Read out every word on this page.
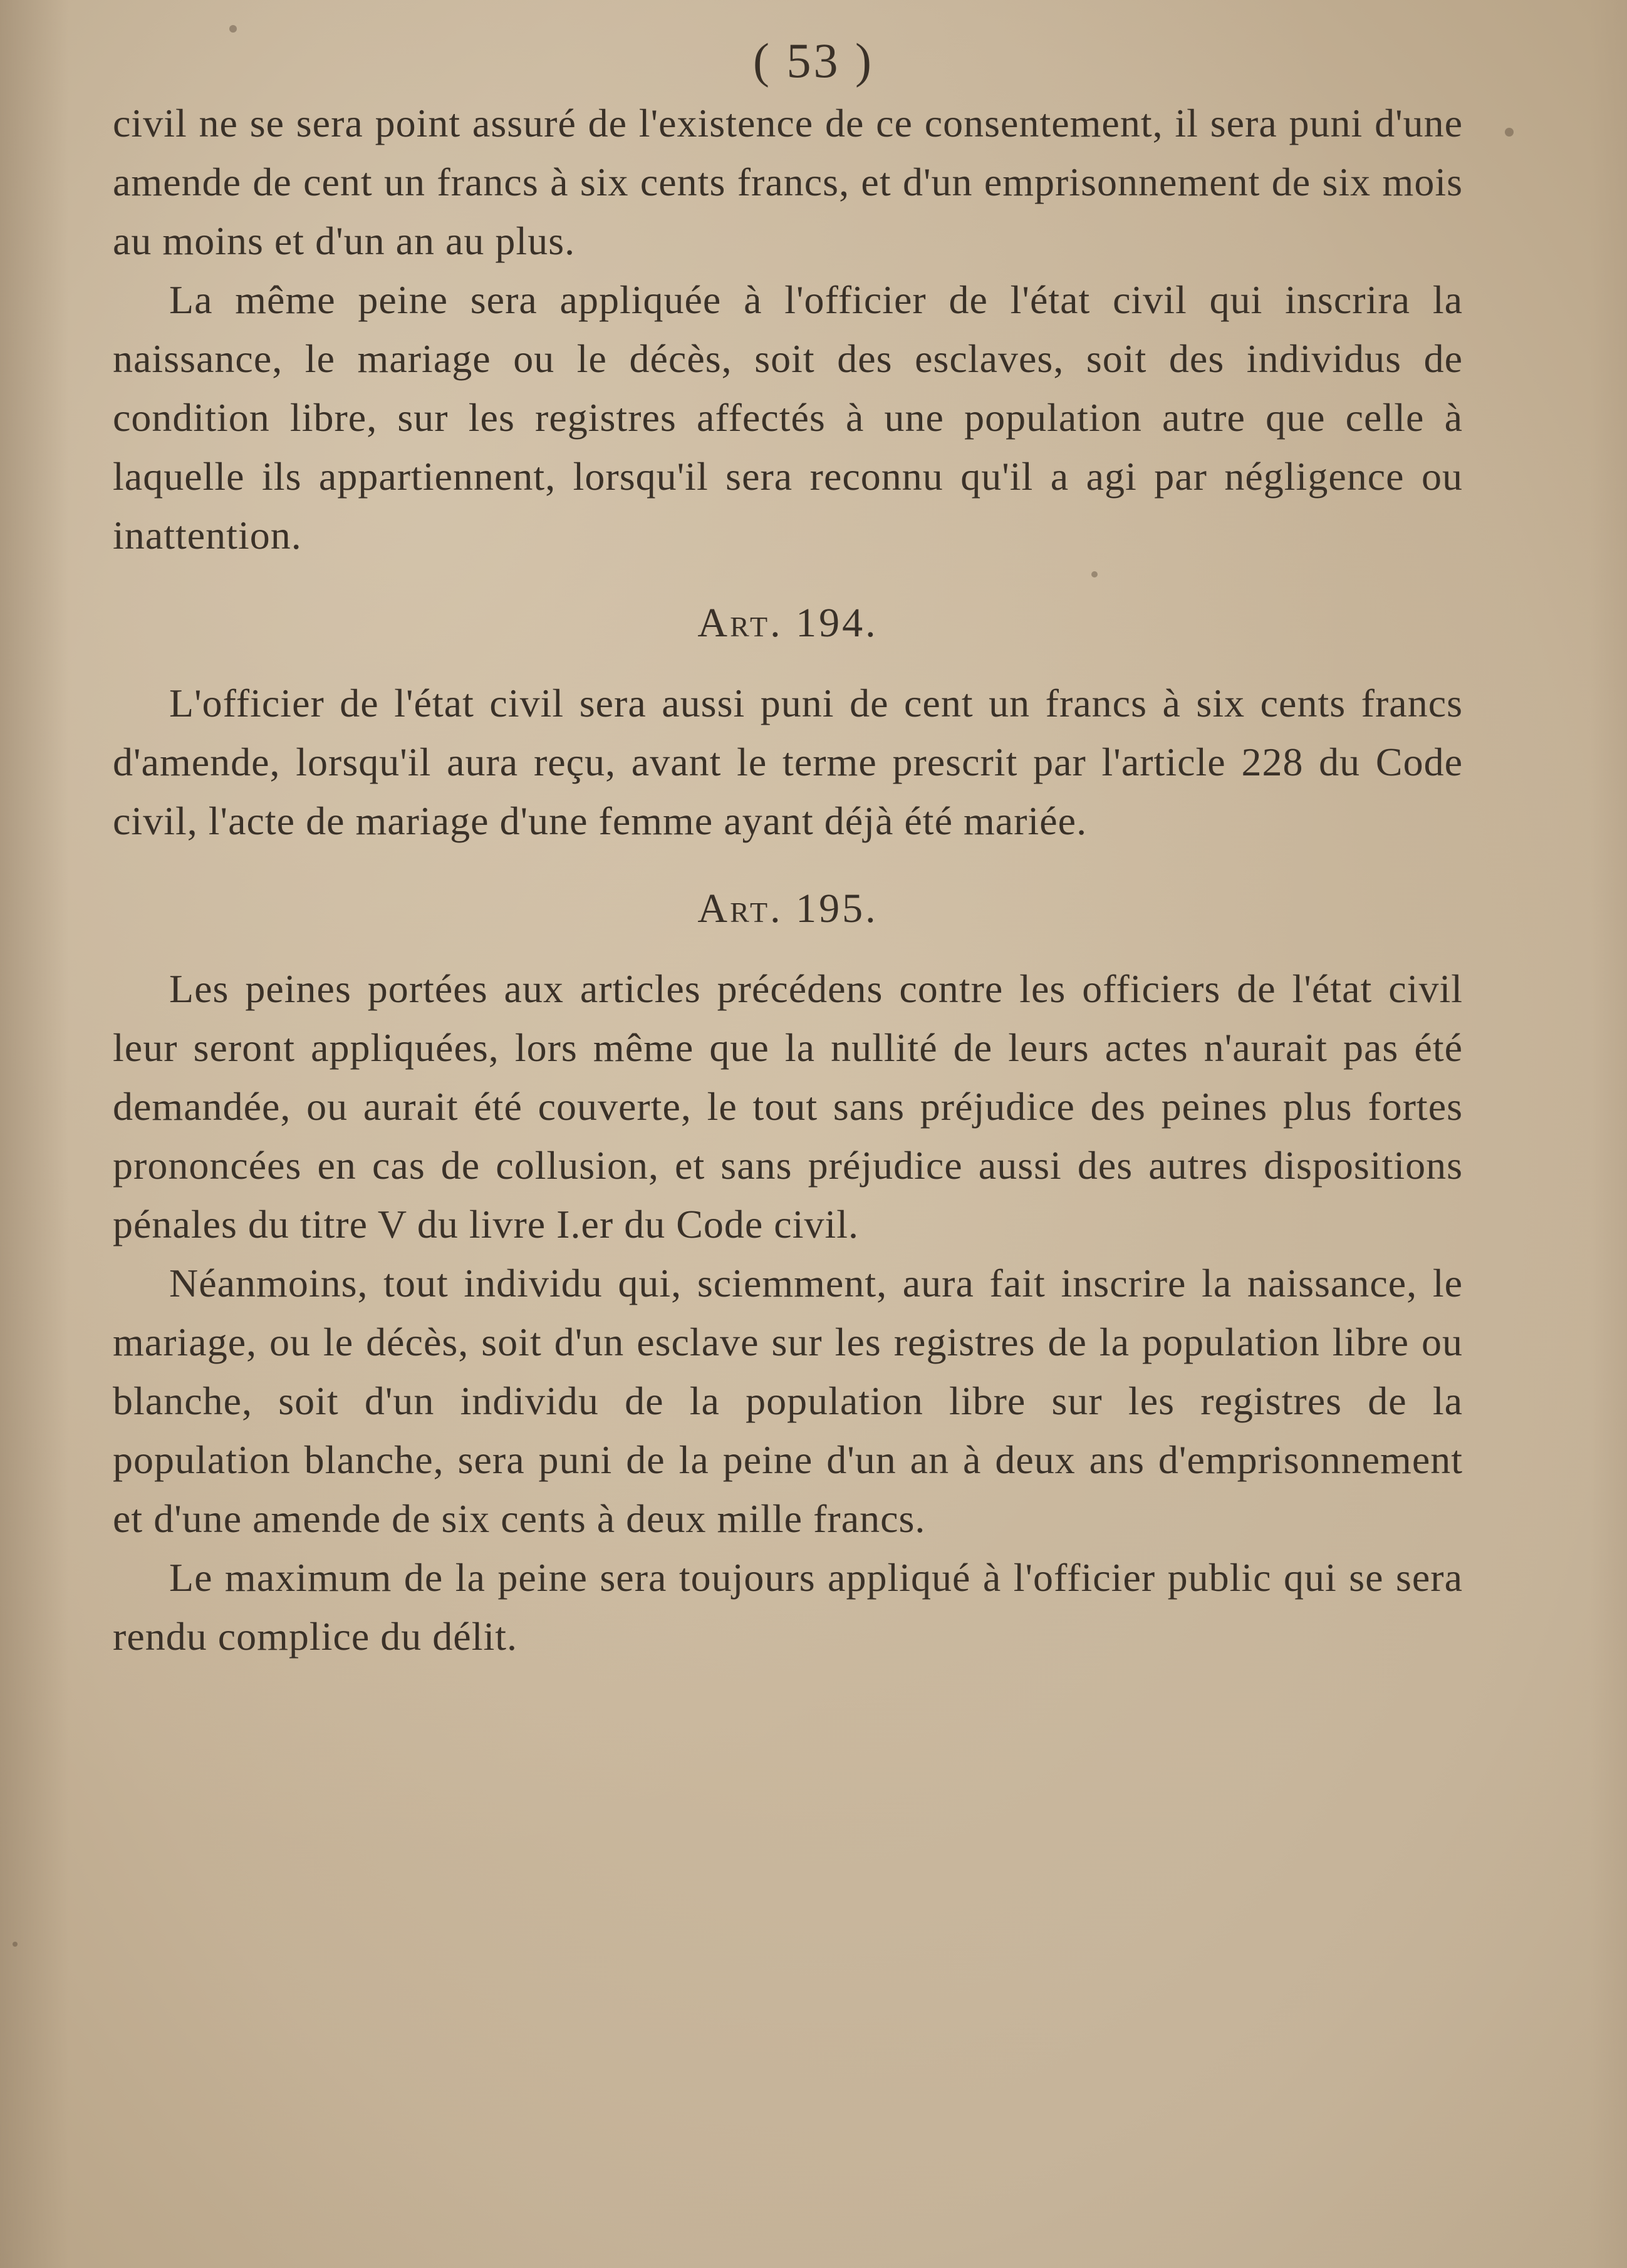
( 53 )

civil ne se sera point assuré de l'existence de ce consentement, il sera puni d'une amende de cent un francs à six cents francs, et d'un emprisonnement de six mois au moins et d'un an au plus.

La même peine sera appliquée à l'officier de l'état civil qui inscrira la naissance, le mariage ou le décès, soit des esclaves, soit des individus de condition libre, sur les registres affectés à une population autre que celle à laquelle ils appartiennent, lorsqu'il sera reconnu qu'il a agi par négligence ou inattention.

Art. 194.

L'officier de l'état civil sera aussi puni de cent un francs à six cents francs d'amende, lorsqu'il aura reçu, avant le terme prescrit par l'article 228 du Code civil, l'acte de mariage d'une femme ayant déjà été mariée.

Art. 195.

Les peines portées aux articles précédens contre les officiers de l'état civil leur seront appliquées, lors même que la nullité de leurs actes n'aurait pas été demandée, ou aurait été couverte, le tout sans préjudice des peines plus fortes prononcées en cas de collusion, et sans préjudice aussi des autres dispositions pénales du titre V du livre I.er du Code civil.

Néanmoins, tout individu qui, sciemment, aura fait inscrire la naissance, le mariage, ou le décès, soit d'un esclave sur les registres de la population libre ou blanche, soit d'un individu de la population libre sur les registres de la population blanche, sera puni de la peine d'un an à deux ans d'emprisonnement et d'une amende de six cents à deux mille francs.

Le maximum de la peine sera toujours appliqué à l'officier public qui se sera rendu complice du délit.
